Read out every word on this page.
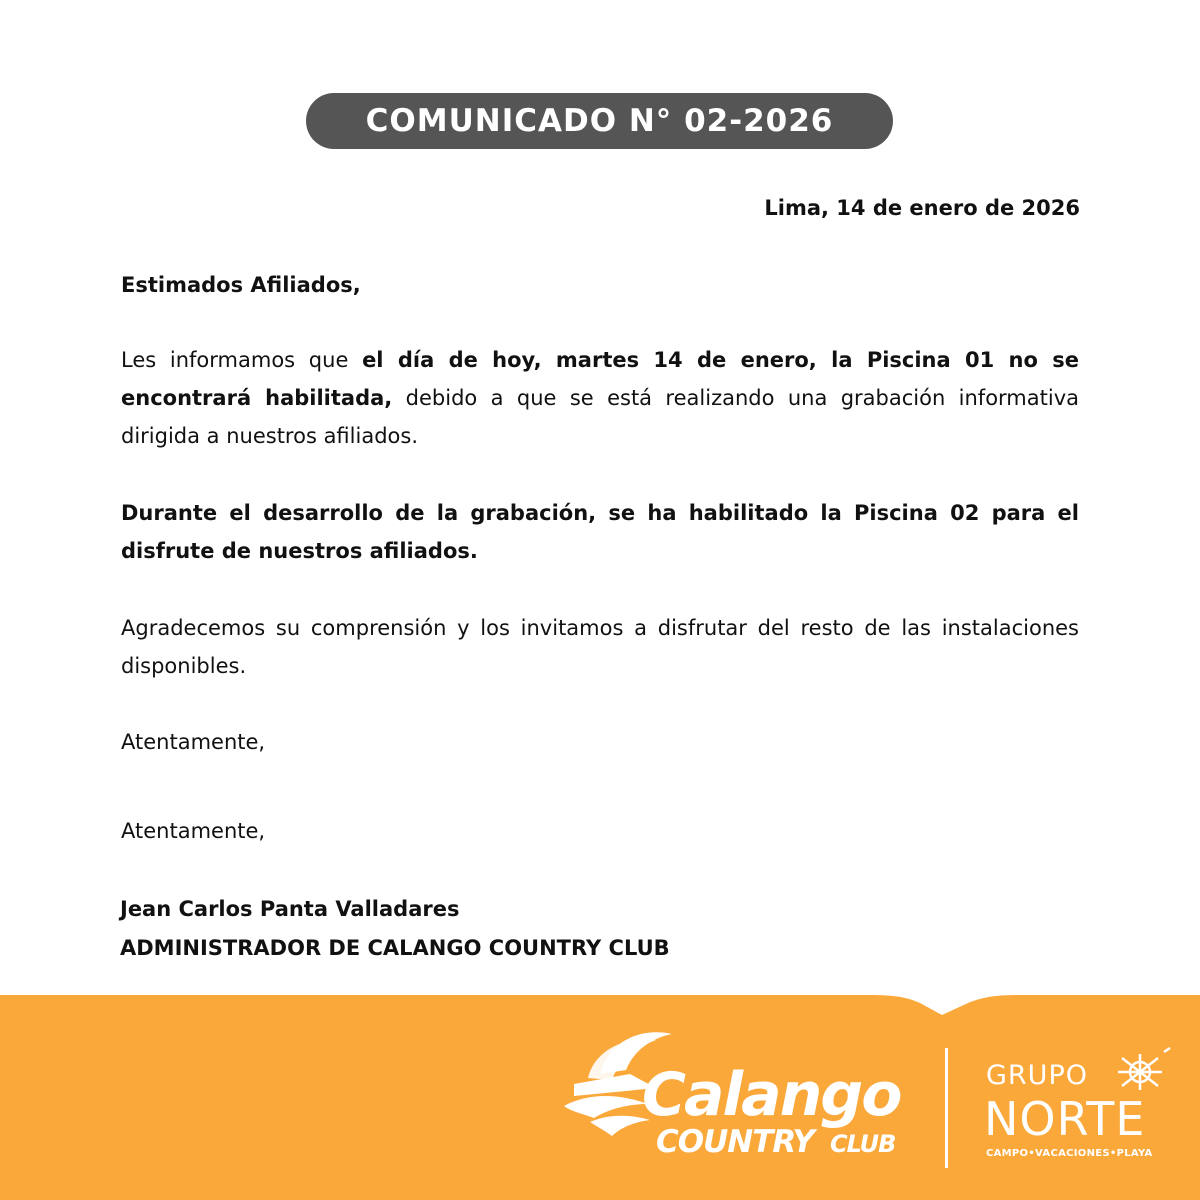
COMUNICADO N° 02-2026
Lima, 14 de enero de 2026

Estimados Afiliados,

Les informamos que el día de hoy, martes 14 de enero, la Piscina 01 no se encontrará habilitada, debido a que se está realizando una grabación informativa dirigida a nuestros afiliados.

Durante el desarrollo de la grabación, se ha habilitado la Piscina 02 para el disfrute de nuestros afiliados.

Agradecemos su comprensión y los invitamos a disfrutar del resto de las instalaciones disponibles.

Atentamente,

Atentamente,

Jean Carlos Panta Valladares
ADMINISTRADOR DE CALANGO COUNTRY CLUB
Calango
COUNTRY CLUB
GRUPO
NORTE
CAMPO•VACACIONES•PLAYA
